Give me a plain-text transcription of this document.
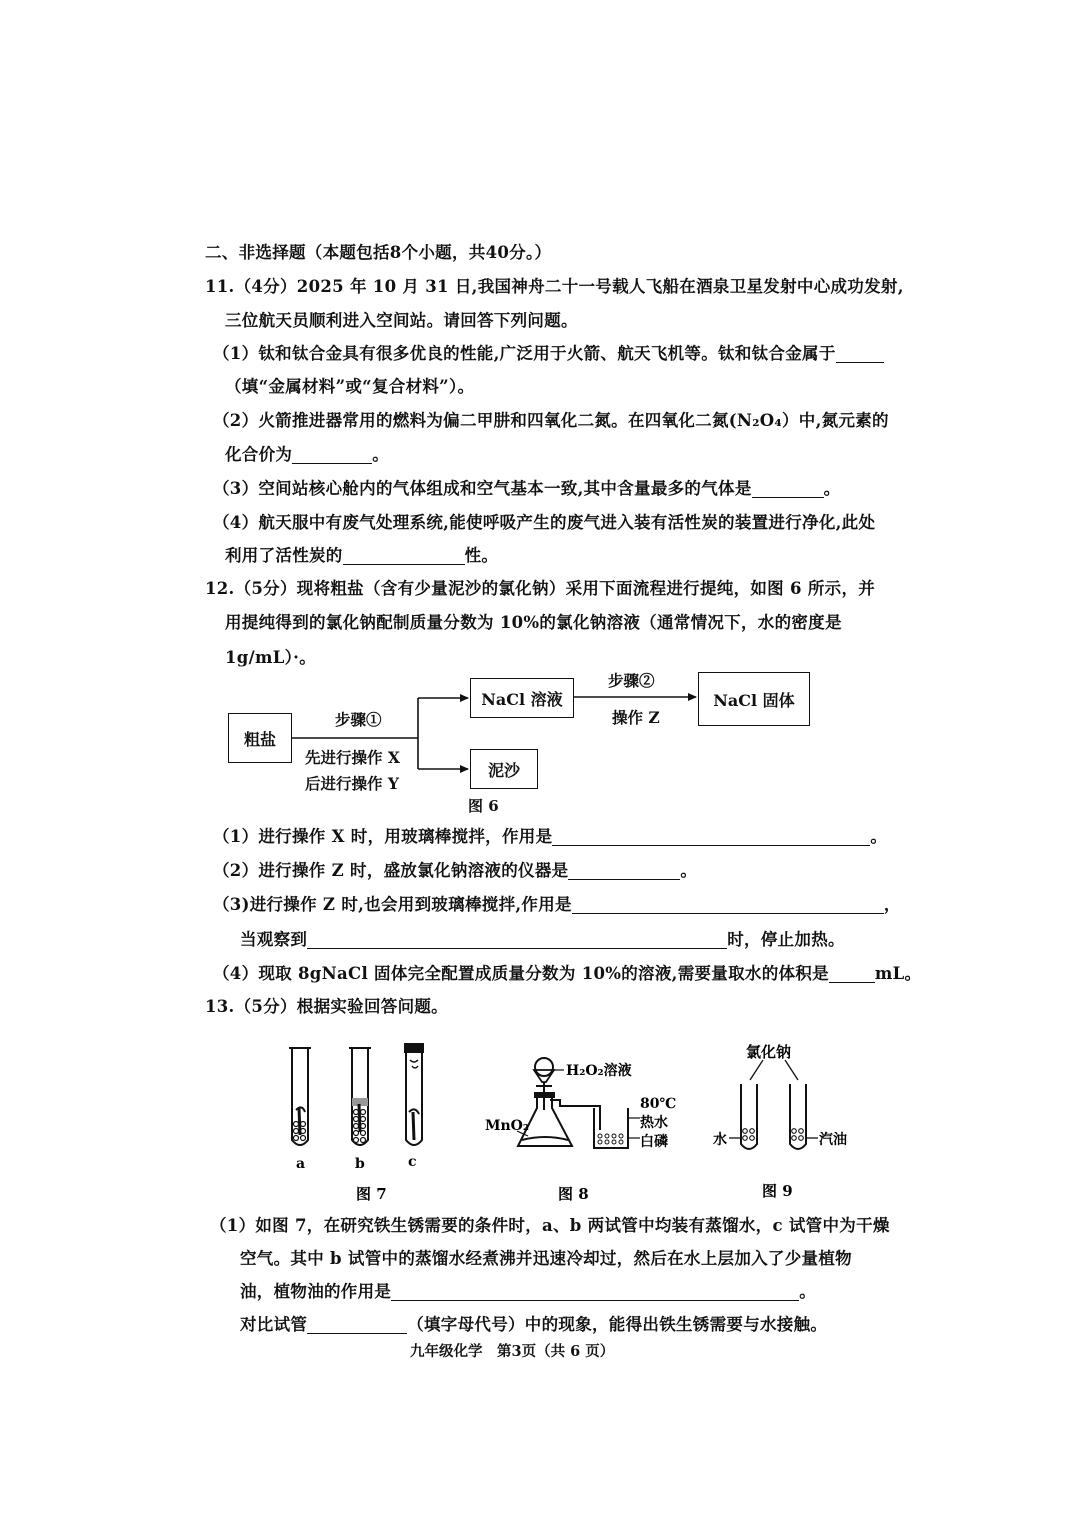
二、非选择题（本题包括8个小题，共40分。）
11.（4分）2025 年 10 月 31 日,我国神舟二十一号载人飞船在酒泉卫星发射中心成功发射,
三位航天员顺利进入空间站。请回答下列问题。
（1）钛和钛合金具有很多优良的性能,广泛用于火箭、航天飞机等。钛和钛合金属于
（填“金属材料”或“复合材料”）。
（2）火箭推进器常用的燃料为偏二甲肼和四氧化二氮。在四氧化二氮(N₂O₄）中,氮元素的
化合价为	。
（3）空间站核心舱内的气体组成和空气基本一致,其中含量最多的气体是	。
（4）航天服中有废气处理系统,能使呼吸产生的废气进入装有活性炭的装置进行净化,此处
利用了活性炭的	性。
12.（5分）现将粗盐（含有少量泥沙的氯化钠）采用下面流程进行提纯，如图 6 所示，并
用提纯得到的氯化钠配制质量分数为 10%的氯化钠溶液（通常情况下，水的密度是
1g/mL）·。
粗盐
步骤①
先进行操作 X
后进行操作 Y
NaCl 溶液
泥沙
步骤②
操作 Z
NaCl 固体
图 6
（1）进行操作 X 时，用玻璃棒搅拌，作用是	。
（2）进行操作 Z 时，盛放氯化钠溶液的仪器是	。
（3)进行操作 Z 时,也会用到玻璃棒搅拌,作用是	，
当观察到	时，停止加热。
（4）现取 8gNaCl 固体完全配置成质量分数为 10%的溶液,需要量取水的体积是	mL。
13.（5分）根据实验回答问题。
a	b	c
图 7
H₂O₂溶液
80℃
热水
白磷
MnO₂
图 8
氯化钠
水	汽油
图 9
（1）如图 7，在研究铁生锈需要的条件时，a、b 两试管中均装有蒸馏水，c 试管中为干燥
空气。其中 b 试管中的蒸馏水经煮沸并迅速冷却过，然后在水上层加入了少量植物
油，植物油的作用是	。
对比试管	（填字母代号）中的现象，能得出铁生锈需要与水接触。
九年级化学　第3页（共 6 页）
